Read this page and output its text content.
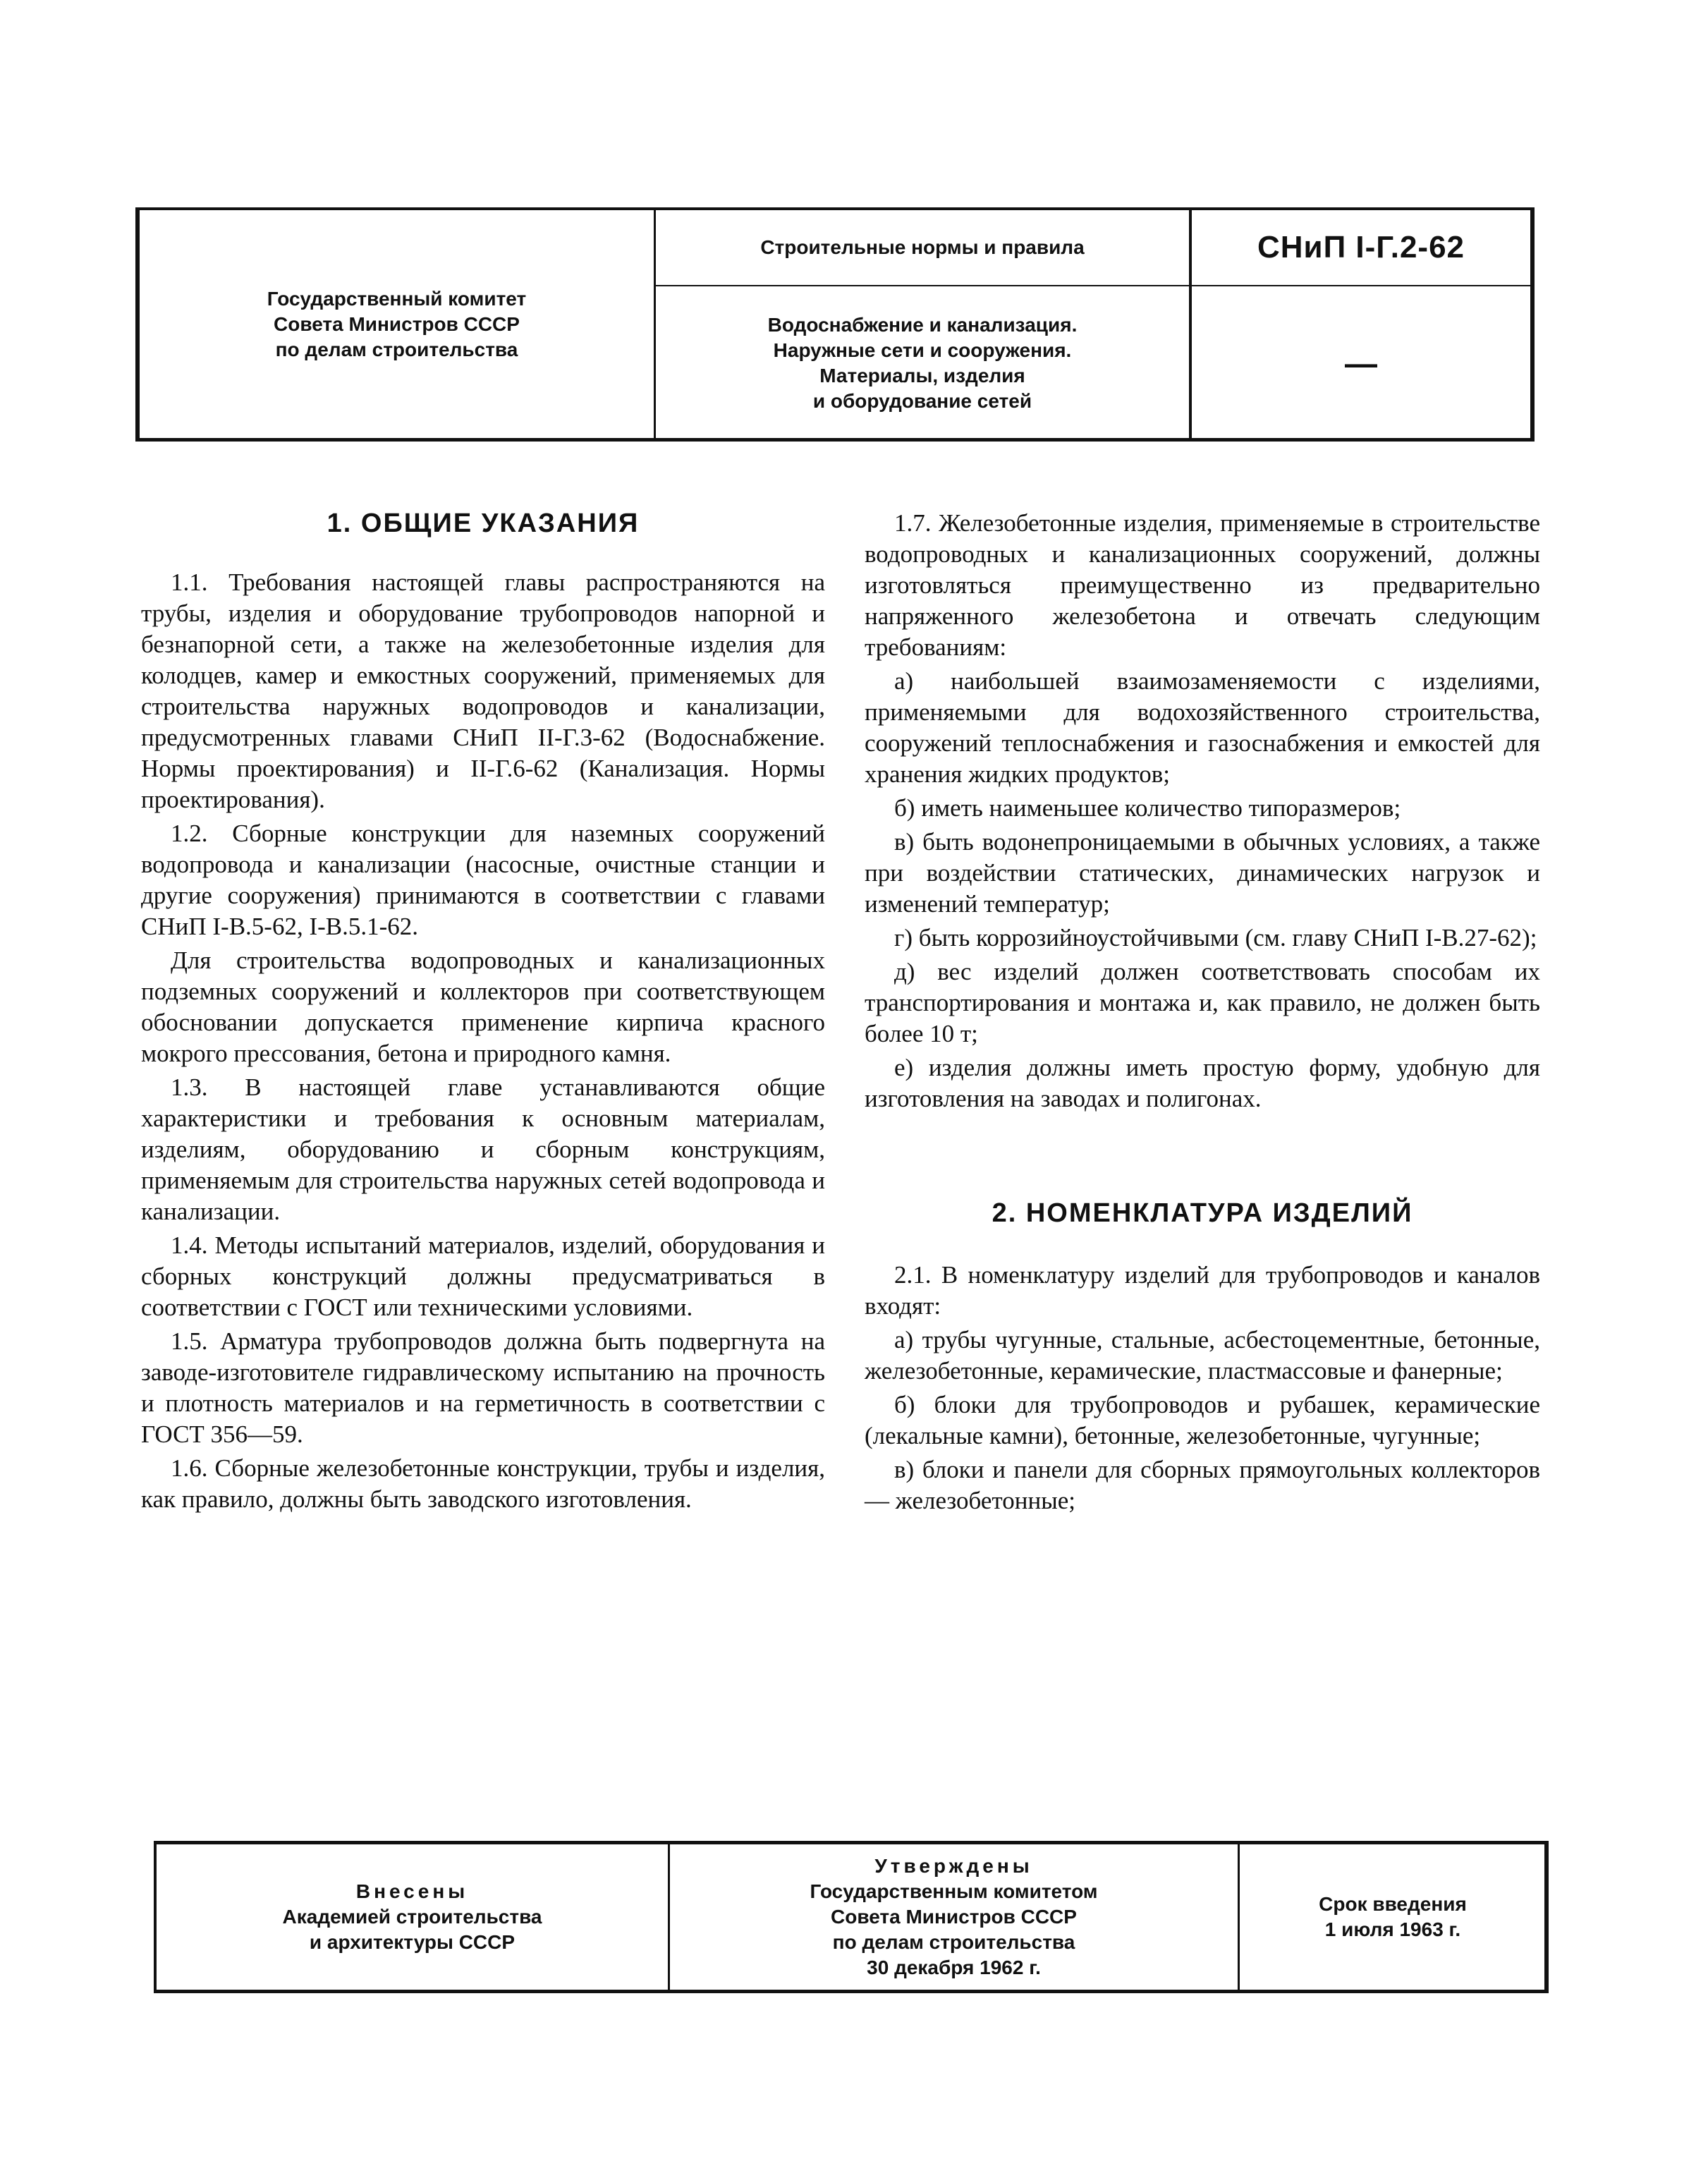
Государственный комитет
Совета Министров СССР
по делам строительства
Строительные нормы и правила
Водоснабжение и канализация.
Наружные сети и сооружения.
Материалы, изделия
и оборудование сетей
СНиП I-Г.2-62
—
1. ОБЩИЕ УКАЗАНИЯ

1.1. Требования настоящей главы распространяются на трубы, изделия и оборудование трубопроводов напорной и безнапорной сети, а также на железобетонные изделия для колодцев, камер и емкостных сооружений, применяемых для строительства наружных водопроводов и канализации, предусмотренных главами СНиП II-Г.3-62 (Водоснабжение. Нормы проектирования) и II-Г.6-62 (Канализация. Нормы проектирования).

1.2. Сборные конструкции для наземных сооружений водопровода и канализации (насосные, очистные станции и другие сооружения) принимаются в соответствии с главами СНиП I-В.5-62, I-В.5.1-62.

Для строительства водопроводных и канализационных подземных сооружений и коллекторов при соответствующем обосновании допускается применение кирпича красного мокрого прессования, бетона и природного камня.

1.3. В настоящей главе устанавливаются общие характеристики и требования к основным материалам, изделиям, оборудованию и сборным конструкциям, применяемым для строительства наружных сетей водопровода и канализации.

1.4. Методы испытаний материалов, изделий, оборудования и сборных конструкций должны предусматриваться в соответствии с ГОСТ или техническими условиями.

1.5. Арматура трубопроводов должна быть подвергнута на заводе-изготовителе гидравлическому испытанию на прочность и плотность материалов и на герметичность в соответствии с ГОСТ 356—59.

1.6. Сборные железобетонные конструкции, трубы и изделия, как правило, должны быть заводского изготовления.

1.7. Железобетонные изделия, применяемые в строительстве водопроводных и канализационных сооружений, должны изготовляться преимущественно из предварительно напряженного железобетона и отвечать следующим требованиям:

а) наибольшей взаимозаменяемости с изделиями, применяемыми для водохозяйственного строительства, сооружений теплоснабжения и газоснабжения и емкостей для хранения жидких продуктов;

б) иметь наименьшее количество типоразмеров;

в) быть водонепроницаемыми в обычных условиях, а также при воздействии статических, динамических нагрузок и изменений температур;

г) быть коррозийноустойчивыми (см. главу СНиП I-В.27-62);

д) вес изделий должен соответствовать способам их транспортирования и монтажа и, как правило, не должен быть более 10 т;

е) изделия должны иметь простую форму, удобную для изготовления на заводах и полигонах.

2. НОМЕНКЛАТУРА ИЗДЕЛИЙ

2.1. В номенклатуру изделий для трубопроводов и каналов входят:

а) трубы чугунные, стальные, асбестоцементные, бетонные, железобетонные, керамические, пластмассовые и фанерные;

б) блоки для трубопроводов и рубашек, керамические (лекальные камни), бетонные, железобетонные, чугунные;

в) блоки и панели для сборных прямоугольных коллекторов — железобетонные;

Внесены
Академией строительства
и архитектуры СССР
Утверждены
Государственным комитетом
Совета Министров СССР
по делам строительства
30 декабря 1962 г.
Срок введения
1 июля 1963 г.
